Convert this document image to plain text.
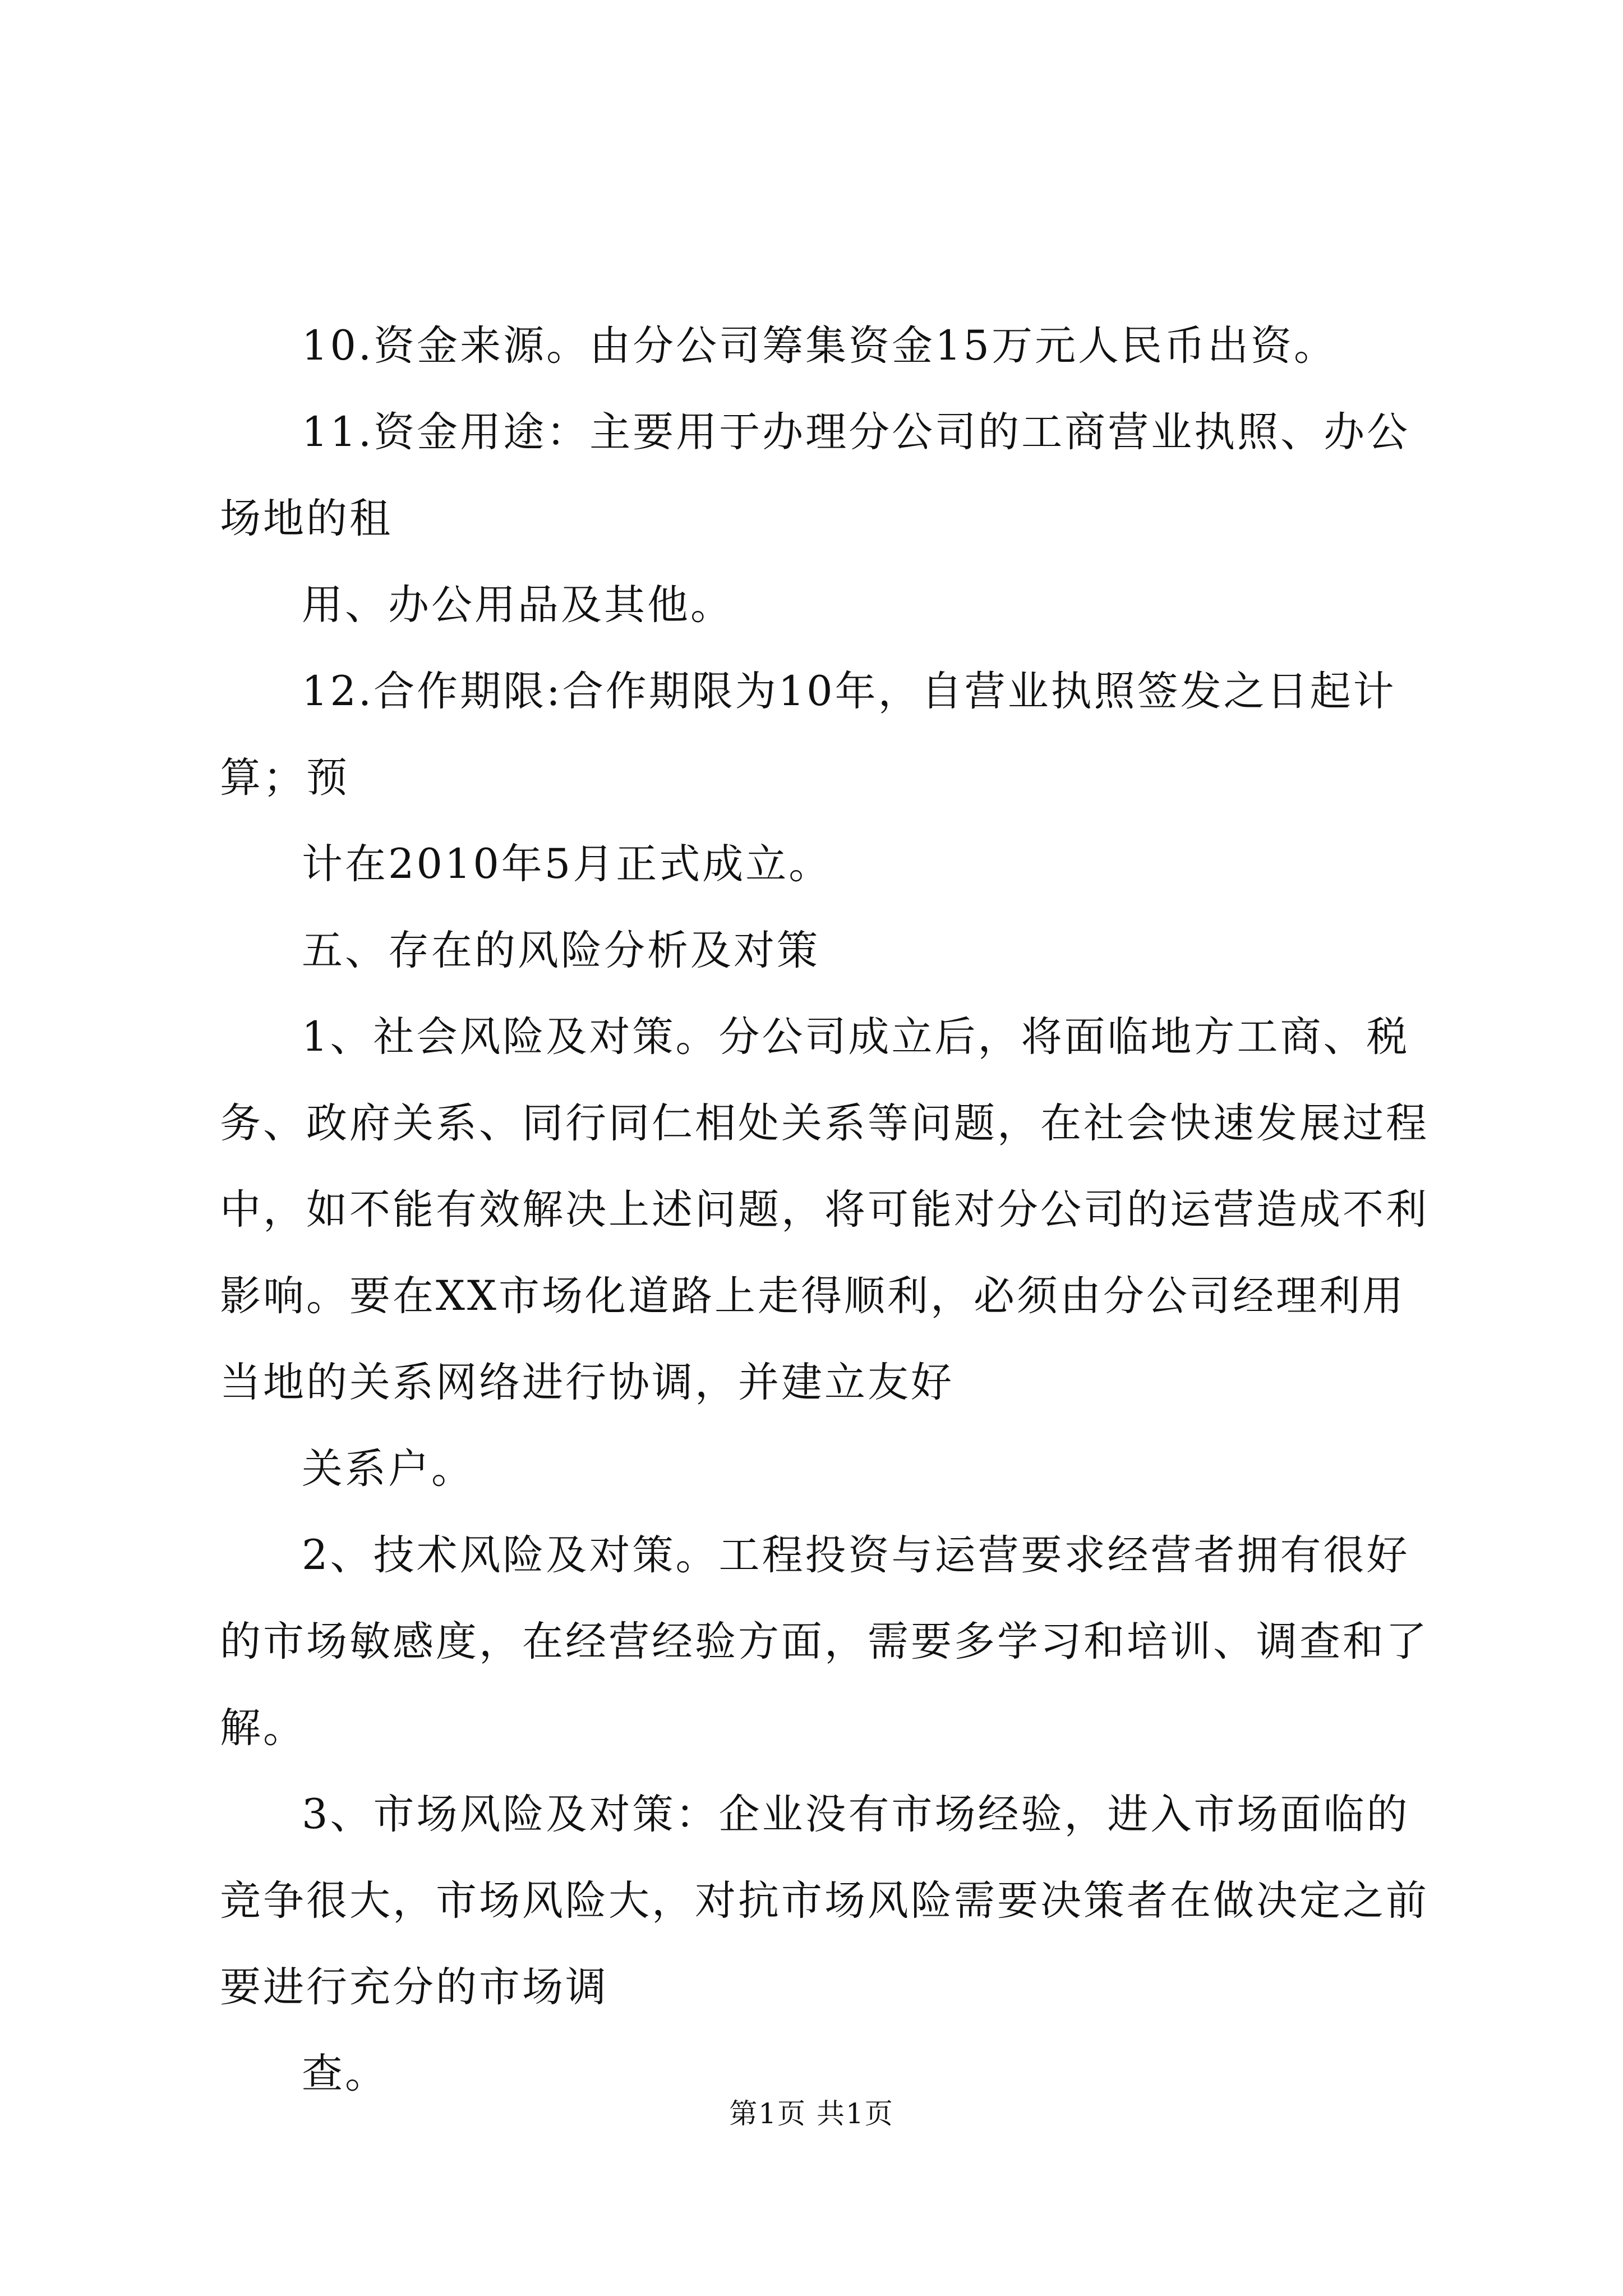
10.资金来源。由分公司筹集资金15万元人民币出资。

11.资金用途：主要用于办理分公司的工商营业执照、办公

场地的租

用、办公用品及其他。

12.合作期限:合作期限为10年，自营业执照签发之日起计

算；预

计在2010年5月正式成立。

五、存在的风险分析及对策

1、社会风险及对策。分公司成立后，将面临地方工商、税

务、政府关系、同行同仁相处关系等问题，在社会快速发展过程

中，如不能有效解决上述问题，将可能对分公司的运营造成不利

影响。要在XX市场化道路上走得顺利，必须由分公司经理利用

当地的关系网络进行协调，并建立友好

关系户。

2、技术风险及对策。工程投资与运营要求经营者拥有很好

的市场敏感度，在经营经验方面，需要多学习和培训、调查和了

解。

3、市场风险及对策：企业没有市场经验，进入市场面临的

竞争很大，市场风险大，对抗市场风险需要决策者在做决定之前

要进行充分的市场调

查。

第1页 共1页
